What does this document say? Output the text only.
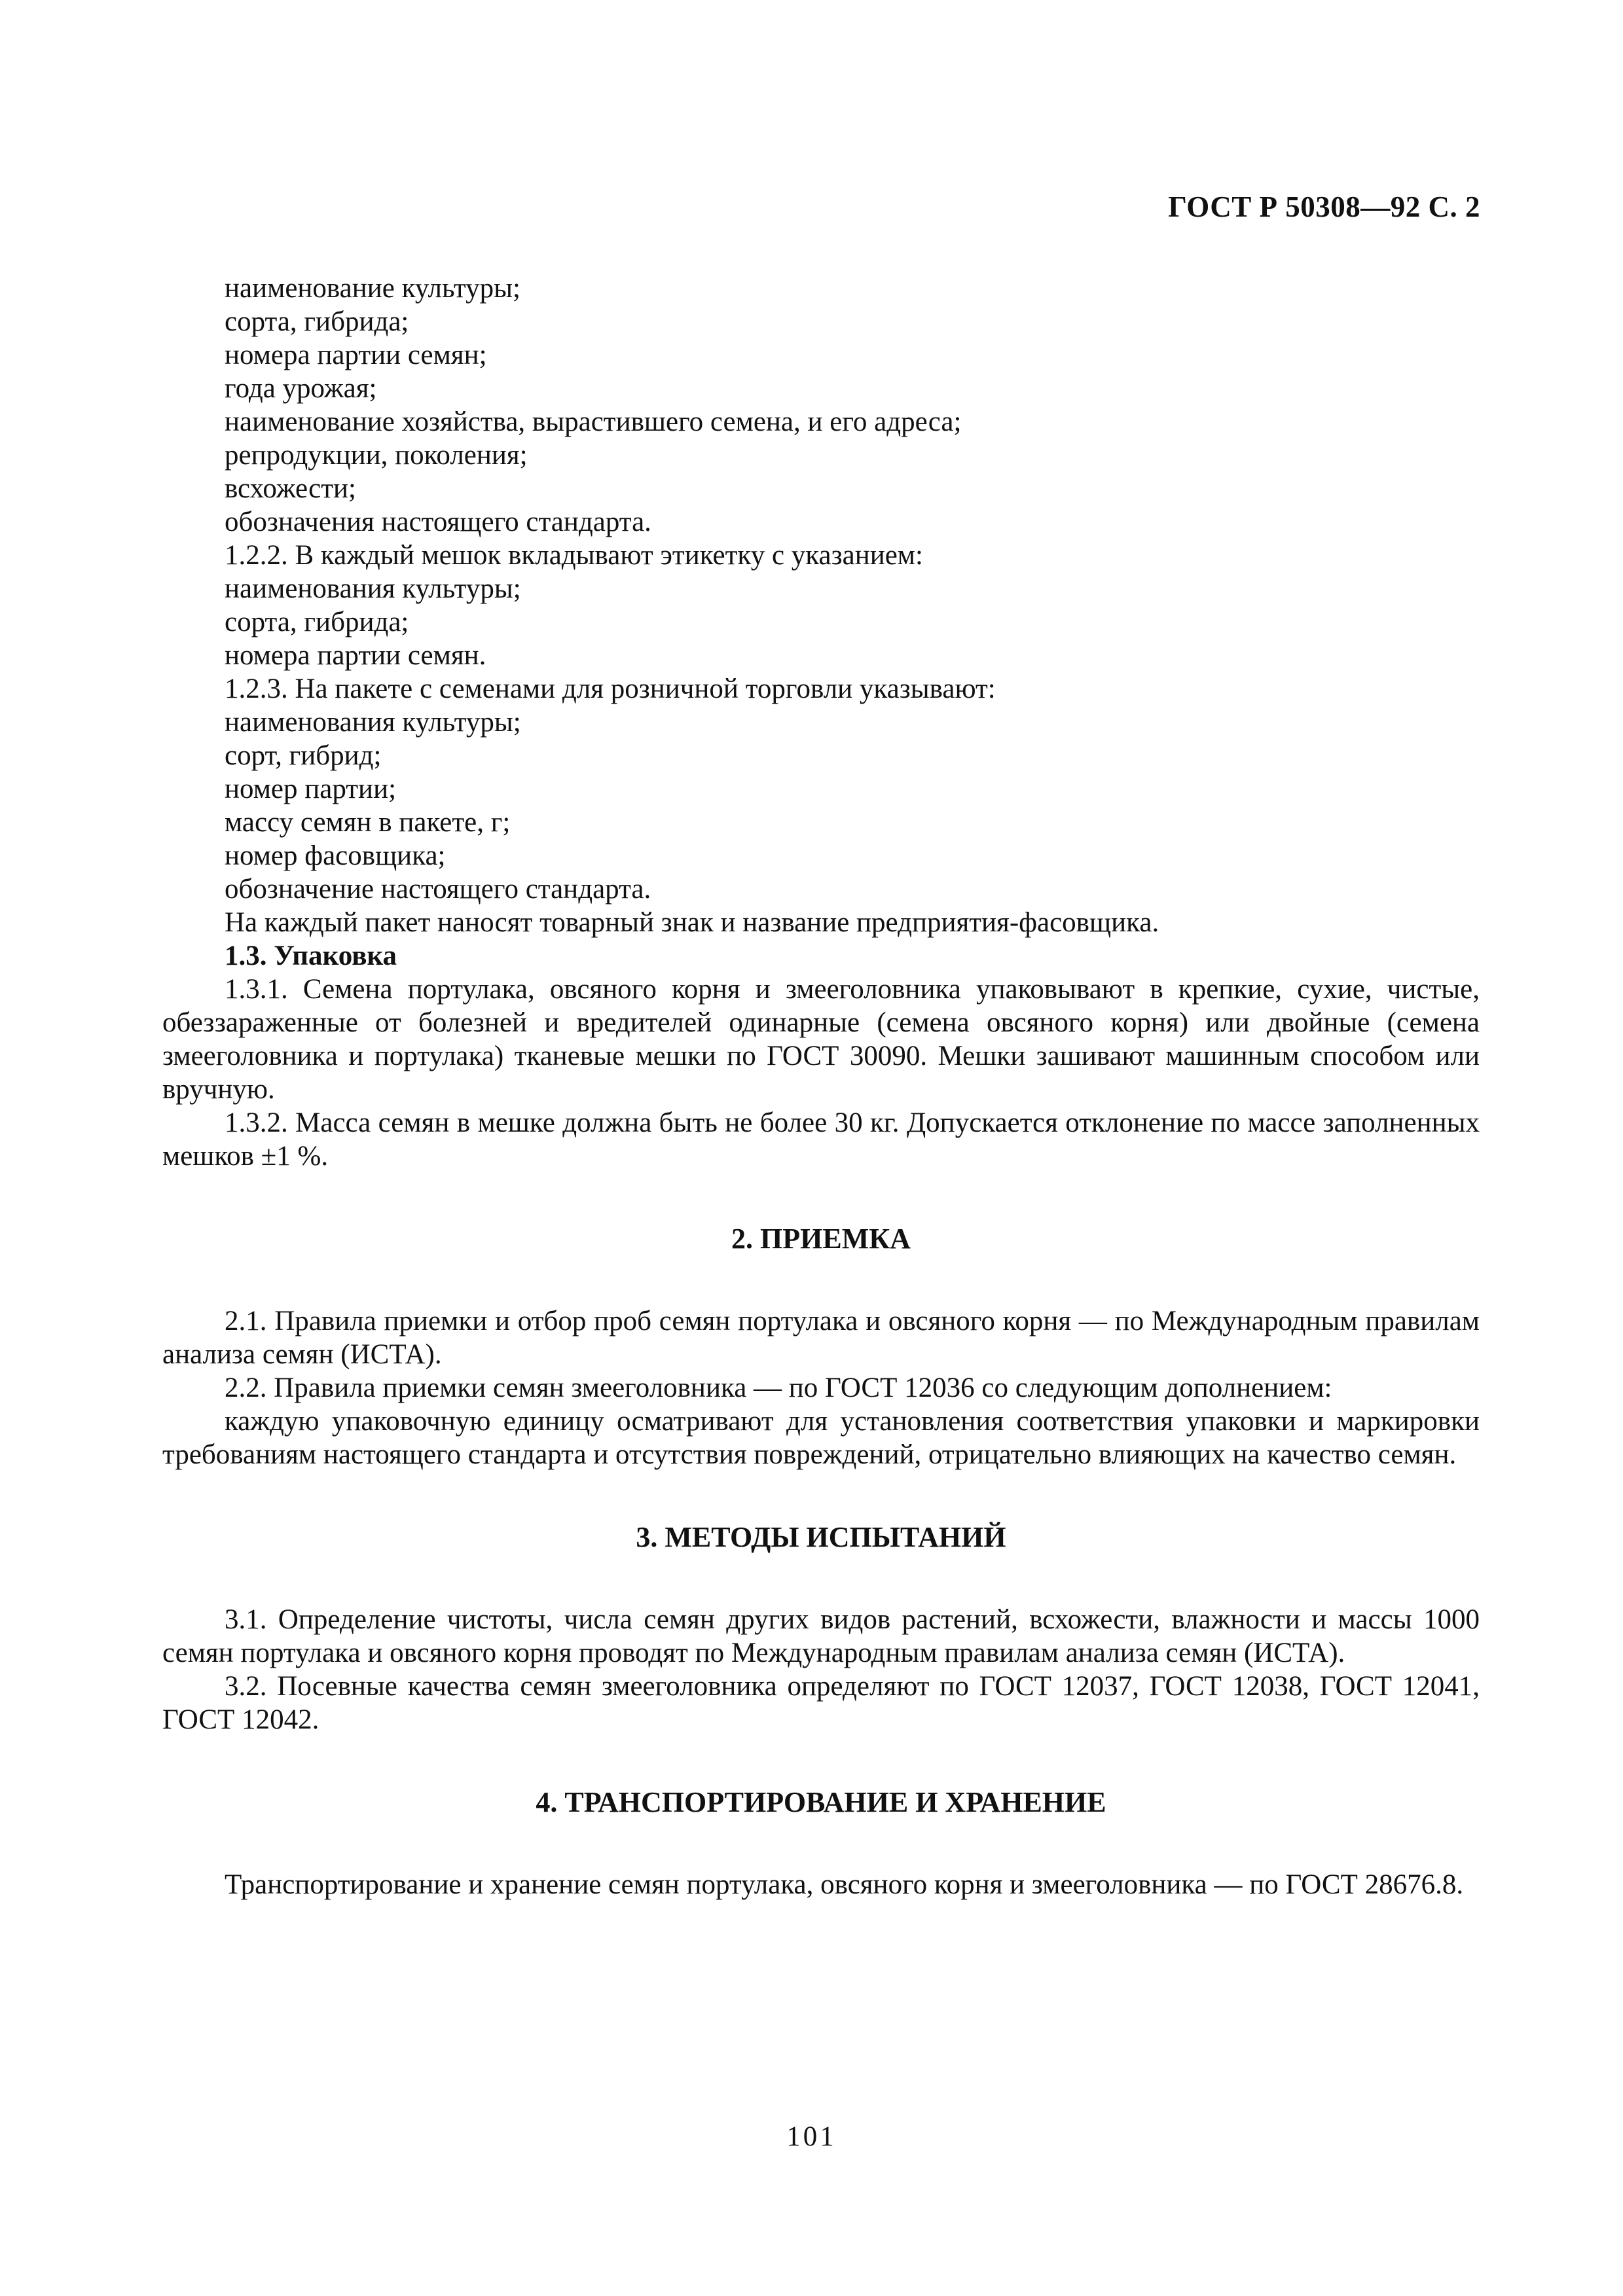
ГОСТ Р 50308—92 С. 2

наименование культуры;

сорта, гибрида;

номера партии семян;

года урожая;

наименование хозяйства, вырастившего семена, и его адреса;

репродукции, поколения;

всхожести;

обозначения настоящего стандарта.

1.2.2. В каждый мешок вкладывают этикетку с указанием:

наименования культуры;

сорта, гибрида;

номера партии семян.

1.2.3. На пакете с семенами для розничной торговли указывают:

наименования культуры;

сорт, гибрид;

номер партии;

массу семян в пакете, г;

номер фасовщика;

обозначение настоящего стандарта.

На каждый пакет наносят товарный знак и название предприятия-фасовщика.

1.3. Упаковка

1.3.1. Семена портулака, овсяного корня и змееголовника упаковывают в крепкие, сухие, чистые, обеззараженные от болезней и вредителей одинарные (семена овсяного корня) или двойные (семена змееголовника и портулака) тканевые мешки по ГОСТ 30090. Мешки зашивают машинным способом или вручную.

1.3.2. Масса семян в мешке должна быть не более 30 кг. Допускается отклонение по массе заполненных мешков ±1 %.

2. ПРИЕМКА

2.1. Правила приемки и отбор проб семян портулака и овсяного корня — по Международным правилам анализа семян (ИСТА).

2.2. Правила приемки семян змееголовника — по ГОСТ 12036 со следующим дополнением:

каждую упаковочную единицу осматривают для установления соответствия упаковки и маркировки требованиям настоящего стандарта и отсутствия повреждений, отрицательно влияющих на качество семян.

3. МЕТОДЫ ИСПЫТАНИЙ

3.1. Определение чистоты, числа семян других видов растений, всхожести, влажности и массы 1000 семян портулака и овсяного корня проводят по Международным правилам анализа семян (ИСТА).

3.2. Посевные качества семян змееголовника определяют по ГОСТ 12037, ГОСТ 12038, ГОСТ 12041, ГОСТ 12042.

4. ТРАНСПОРТИРОВАНИЕ И ХРАНЕНИЕ

Транспортирование и хранение семян портулака, овсяного корня и змееголовника — по ГОСТ 28676.8.

101
